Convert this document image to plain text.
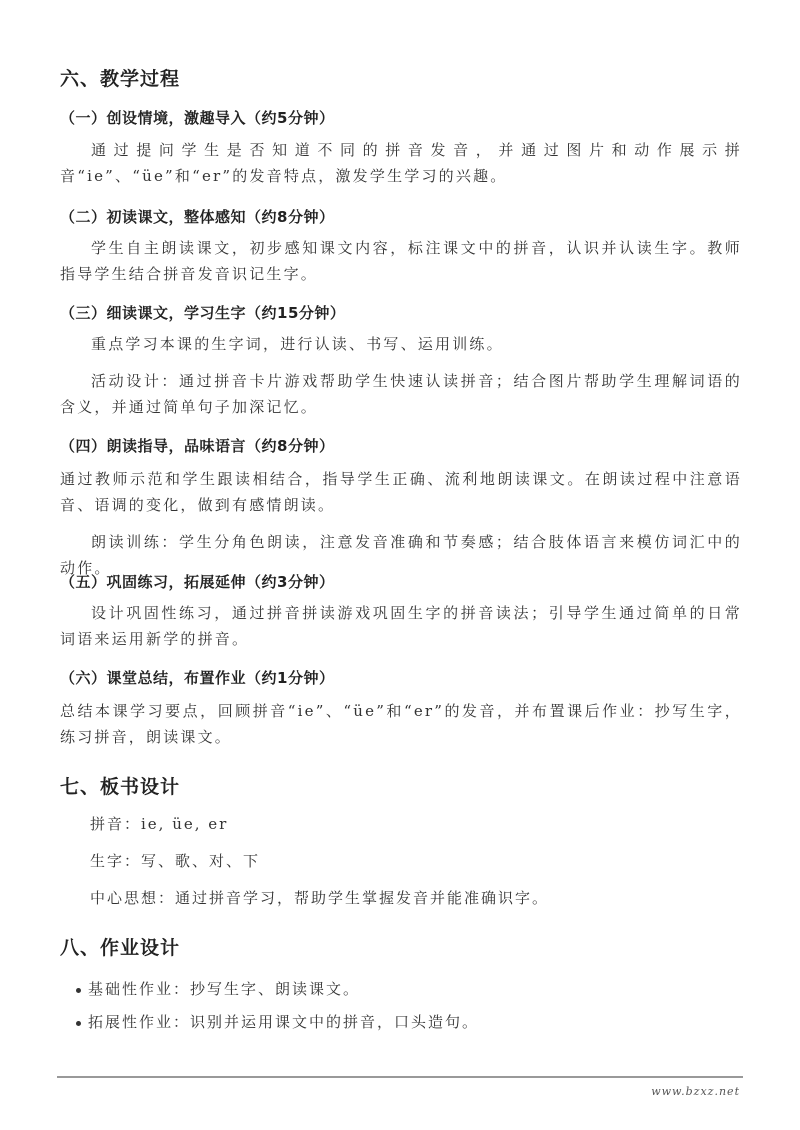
bzxz.net
六、教学过程
（一）创设情境，激趣导入（约5分钟）
通过提问学生是否知道不同的拼音发音，并通过图片和动作展示拼音“ie”、“üe”和“er”的发音特点，激发学生学习的兴趣。
（二）初读课文，整体感知（约8分钟）
学生自主朗读课文，初步感知课文内容，标注课文中的拼音，认识并认读生字。教师指导学生结合拼音发音识记生字。
（三）细读课文，学习生字（约15分钟）
重点学习本课的生字词，进行认读、书写、运用训练。
活动设计：通过拼音卡片游戏帮助学生快速认读拼音；结合图片帮助学生理解词语的含义，并通过简单句子加深记忆。
（四）朗读指导，品味语言（约8分钟）
通过教师示范和学生跟读相结合，指导学生正确、流利地朗读课文。在朗读过程中注意语音、语调的变化，做到有感情朗读。
朗读训练：学生分角色朗读，注意发音准确和节奏感；结合肢体语言来模仿词汇中的动作。
（五）巩固练习，拓展延伸（约3分钟）
设计巩固性练习，通过拼音拼读游戏巩固生字的拼音读法；引导学生通过简单的日常词语来运用新学的拼音。
（六）课堂总结，布置作业（约1分钟）
总结本课学习要点，回顾拼音“ie”、“üe”和“er”的发音，并布置课后作业：抄写生字，练习拼音，朗读课文。
七、板书设计
拼音：ie, üe, er
生字：写、歌、对、下
中心思想：通过拼音学习，帮助学生掌握发音并能准确识字。
八、作业设计
基础性作业：抄写生字、朗读课文。
拓展性作业：识别并运用课文中的拼音，口头造句。
www.bzxz.net
